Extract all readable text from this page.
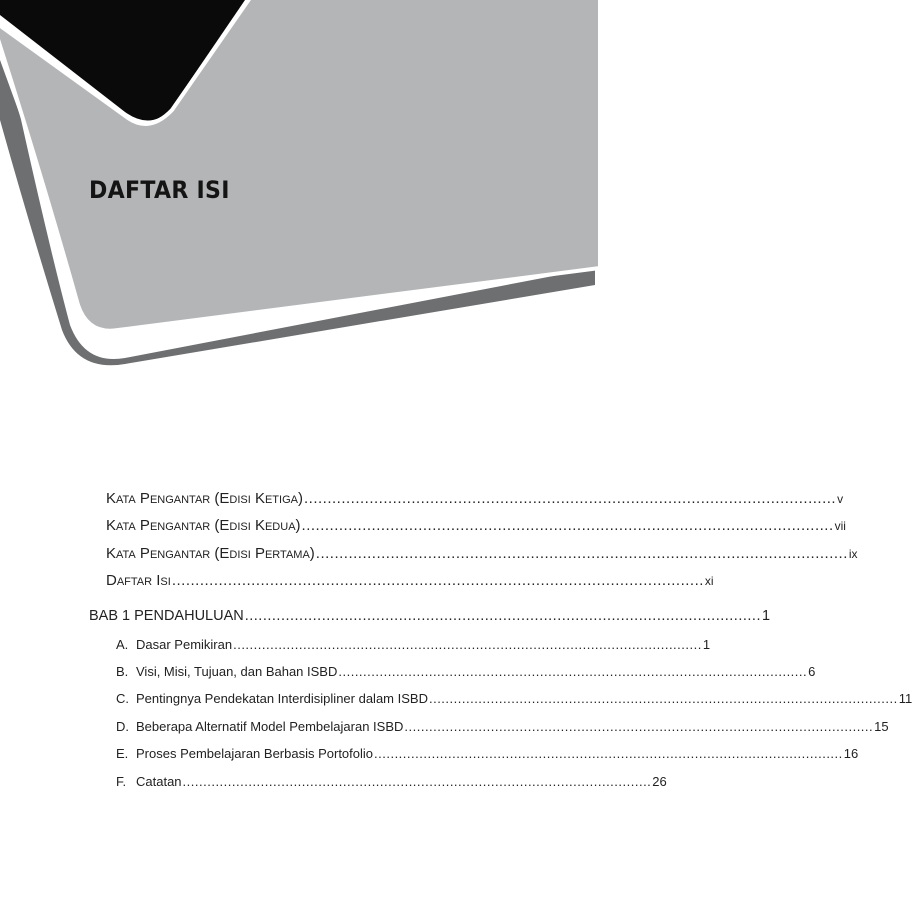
DAFTAR ISI
Kata Pengantar (Edisi Ketiga) .................................................................................................................. v
Kata Pengantar (Edisi Kedua) .................................................................................................................. vii
Kata Pengantar (Edisi Pertama) .................................................................................................................. ix
Daftar Isi .................................................................................................................. xi
BAB 1 PENDAHULUAN .................................................................................................................. 1
A. Dasar Pemikiran .................................................................................................................. 1
B. Visi, Misi, Tujuan, dan Bahan ISBD .................................................................................................................. 6
C. Pentingnya Pendekatan Interdisipliner dalam ISBD .................................................................................................................. 11
D. Beberapa Alternatif Model Pembelajaran ISBD .................................................................................................................. 15
E. Proses Pembelajaran Berbasis Portofolio .................................................................................................................. 16
F. Catatan .................................................................................................................. 26
